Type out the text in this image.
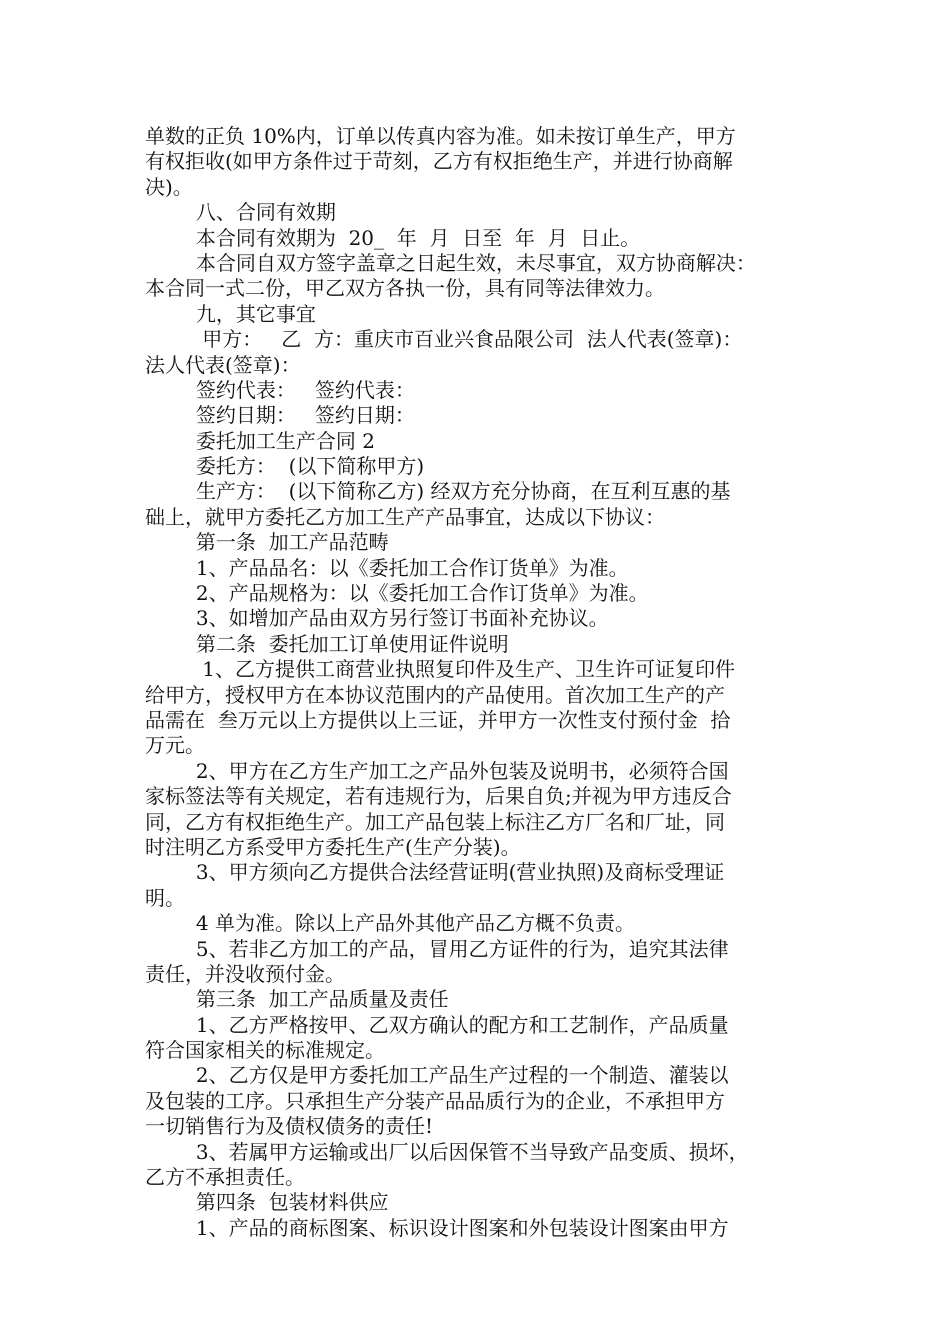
单数的正负 10%内，订单以传真内容为准。如未按订单生产，甲方
有权拒收(如甲方条件过于苛刻，乙方有权拒绝生产，并进行协商解
决)。
八、合同有效期
本合同有效期为  20_  年  月  日至  年  月  日止。
本合同自双方签字盖章之日起生效，未尽事宜，双方协商解决：
本合同一式二份，甲乙双方各执一份，具有同等法律效力。
九，其它事宜
甲方：   乙  方：重庆市百业兴食品限公司  法人代表(签章)：
法人代表(签章)：
签约代表：   签约代表：
签约日期：   签约日期：
委托加工生产合同 2
委托方：  (以下简称甲方)
生产方：  (以下简称乙方) 经双方充分协商，在互利互惠的基
础上，就甲方委托乙方加工生产产品事宜，达成以下协议：
第一条  加工产品范畴
1、产品品名：以《委托加工合作订货单》为准。
2、产品规格为：以《委托加工合作订货单》为准。
3、如增加产品由双方另行签订书面补充协议。
第二条  委托加工订单使用证件说明
1、乙方提供工商营业执照复印件及生产、卫生许可证复印件
给甲方，授权甲方在本协议范围内的产品使用。首次加工生产的产
品需在  叁万元以上方提供以上三证，并甲方一次性支付预付金  拾
万元。
2、甲方在乙方生产加工之产品外包装及说明书，必须符合国
家标签法等有关规定，若有违规行为，后果自负;并视为甲方违反合
同，乙方有权拒绝生产。加工产品包装上标注乙方厂名和厂址，同
时注明乙方系受甲方委托生产(生产分装)。
3、甲方须向乙方提供合法经营证明(营业执照)及商标受理证
明。
4 单为准。除以上产品外其他产品乙方概不负责。
5、若非乙方加工的产品，冒用乙方证件的行为，追究其法律
责任，并没收预付金。
第三条  加工产品质量及责任
1、乙方严格按甲、乙双方确认的配方和工艺制作，产品质量
符合国家相关的标准规定。
2、乙方仅是甲方委托加工产品生产过程的一个制造、灌装以
及包装的工序。只承担生产分装产品品质行为的企业，不承担甲方
一切销售行为及债权债务的责任!
3、若属甲方运输或出厂以后因保管不当导致产品变质、损坏，
乙方不承担责任。
第四条  包装材料供应
1、产品的商标图案、标识设计图案和外包装设计图案由甲方
